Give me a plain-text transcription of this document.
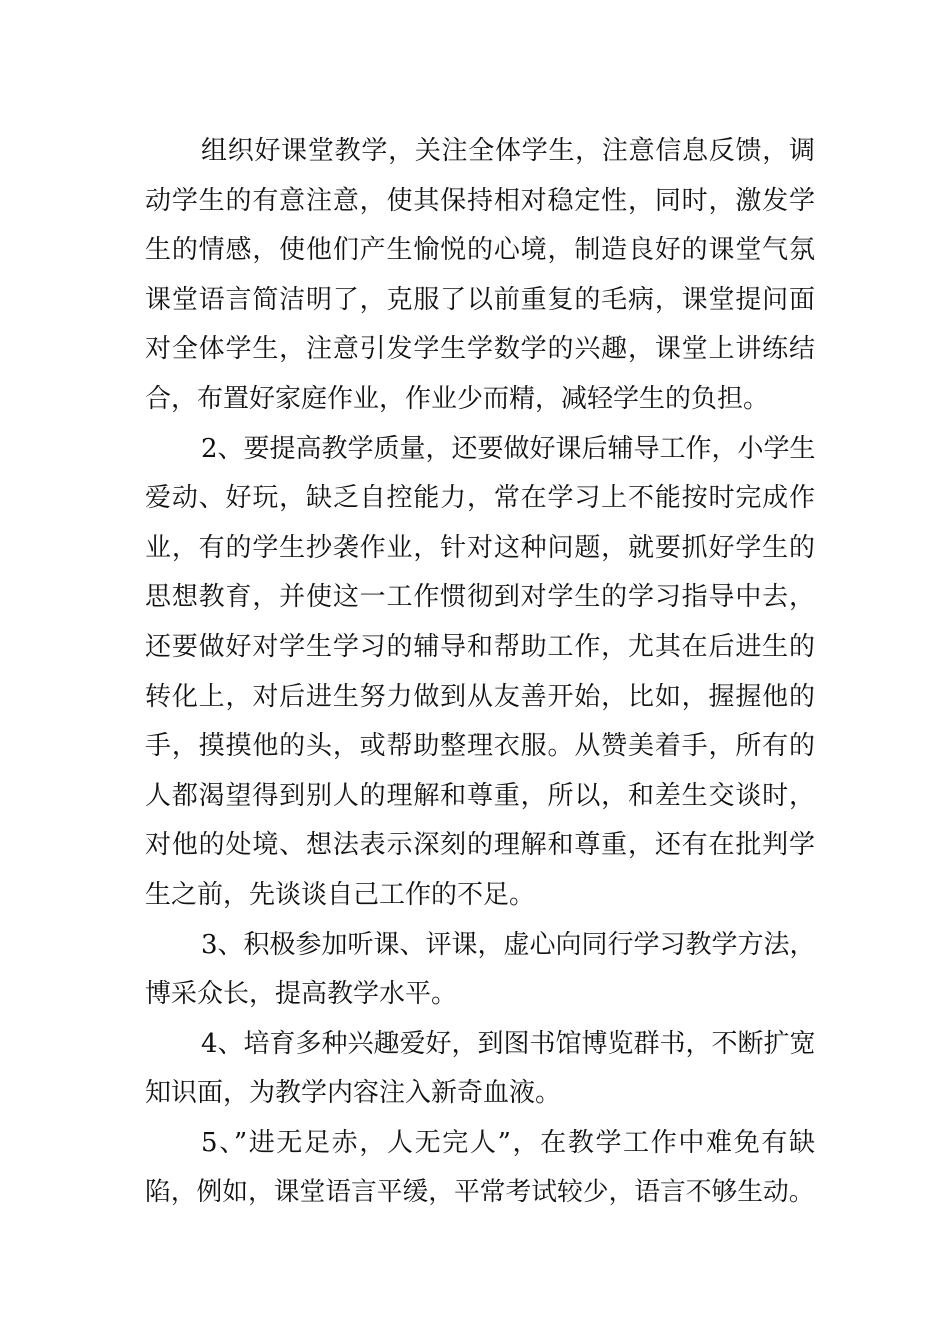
组织好课堂教学，关注全体学生，注意信息反馈，调
动学生的有意注意，使其保持相对稳定性，同时，激发学
生的情感，使他们产生愉悦的心境，制造良好的课堂气氛
课堂语言简洁明了，克服了以前重复的毛病，课堂提问面
对全体学生，注意引发学生学数学的兴趣，课堂上讲练结
合，布置好家庭作业，作业少而精，减轻学生的负担。
2、要提高教学质量，还要做好课后辅导工作，小学生
爱动、好玩，缺乏自控能力，常在学习上不能按时完成作
业，有的学生抄袭作业，针对这种问题，就要抓好学生的
思想教育，并使这一工作惯彻到对学生的学习指导中去，
还要做好对学生学习的辅导和帮助工作，尤其在后进生的
转化上，对后进生努力做到从友善开始，比如，握握他的
手，摸摸他的头，或帮助整理衣服。从赞美着手，所有的
人都渴望得到别人的理解和尊重，所以，和差生交谈时，
对他的处境、想法表示深刻的理解和尊重，还有在批判学
生之前，先谈谈自己工作的不足。
3、积极参加听课、评课，虚心向同行学习教学方法，
博采众长，提高教学水平。
4、培育多种兴趣爱好，到图书馆博览群书，不断扩宽
知识面，为教学内容注入新奇血液。
5、”进无足赤，人无完人”，在教学工作中难免有缺
陷，例如，课堂语言平缓，平常考试较少，语言不够生动。
